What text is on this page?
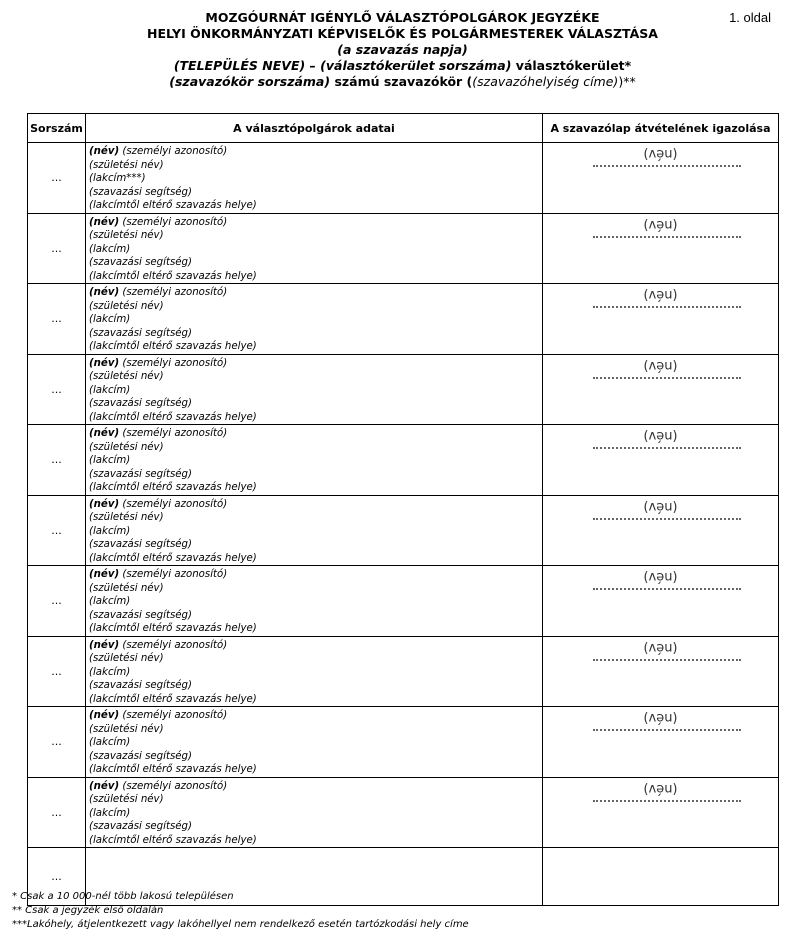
MOZGÓURNÁT IGÉNYLŐ VÁLASZTÓPOLGÁROK JEGYZÉKE
HELYI ÖNKORMÁNYZATI KÉPVISELŐK ÉS POLGÁRMESTEREK VÁLASZTÁSA
(a szavazás napja)
(TELEPÜLÉS NEVE) – (választókerület sorszáma) választókerület*
(szavazókör sorszáma) számú szavazókör ((szavazóhelyiség címe))**
1. oldal
Sorszám	A választópolgárok adatai	A szavazólap átvételének igazolása
...	(név) (személyi azonosító)
(születési név)
(lakcím***)
(szavazási segítség)
(lakcímtől eltérő szavazás helye)	(név)

...	(név) (személyi azonosító)
(születési név)
(lakcím)
(szavazási segítség)
(lakcímtől eltérő szavazás helye)	(név)

...	(név) (személyi azonosító)
(születési név)
(lakcím)
(szavazási segítség)
(lakcímtől eltérő szavazás helye)	(név)

...	(név) (személyi azonosító)
(születési név)
(lakcím)
(szavazási segítség)
(lakcímtől eltérő szavazás helye)	(név)

...	(név) (személyi azonosító)
(születési név)
(lakcím)
(szavazási segítség)
(lakcímtől eltérő szavazás helye)	(név)

...	(név) (személyi azonosító)
(születési név)
(lakcím)
(szavazási segítség)
(lakcímtől eltérő szavazás helye)	(név)

...	(név) (személyi azonosító)
(születési név)
(lakcím)
(szavazási segítség)
(lakcímtől eltérő szavazás helye)	(név)

...	(név) (személyi azonosító)
(születési név)
(lakcím)
(szavazási segítség)
(lakcímtől eltérő szavazás helye)	(név)

...	(név) (személyi azonosító)
(születési név)
(lakcím)
(szavazási segítség)
(lakcímtől eltérő szavazás helye)	(név)

...	(név) (személyi azonosító)
(születési név)
(lakcím)
(szavazási segítség)
(lakcímtől eltérő szavazás helye)	(név)

...		
* Csak a 10 000-nél több lakosú településen
** Csak a jegyzék első oldalán
***Lakóhely, átjelentkezett vagy lakóhellyel nem rendelkező esetén tartózkodási hely címe
